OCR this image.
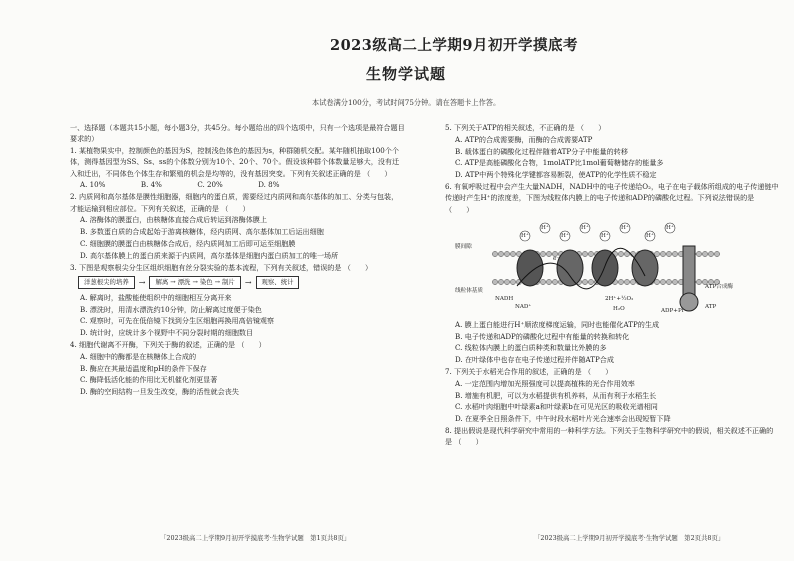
2023级高二上学期9月初开学摸底考
生物学试题
本试卷满分100分，考试时间75分钟。请在答题卡上作答。
一、选择题（本题共15小题，每小题3分，共45分。每小题给出的四个选项中，只有一个选项是最符合题目要求的）
1. 某植物果实中，控制颜色的基因为S，控制浅色体色的基因为s，种群随机交配。某年随机抽取100个个体，测得基因型为SS、Ss、ss的个体数分别为10个、20个、70个。假设该种群个体数量足够大，没有迁入和迁出，不同体色个体生存和繁殖的机会是均等的，没有基因突变。下列有关叙述正确的是 （　　）
A. 10%　　　　　B. 4%　　　　　C. 20%　　　　　D. 8%
2. 内质网和高尔基体是膜性细胞器，细胞内的蛋白质，需要经过内质网和高尔基体的加工、分类与包装，才能运输到相应部位。下列有关叙述，正确的是 （　　）
A. 溶酶体的膜蛋白，由核糖体直接合成后转运到溶酶体膜上
B. 多数蛋白质的合成起始于游离核糖体，经内质网、高尔基体加工后运出细胞
C. 细胞膜的膜蛋白由核糖体合成后，经内质网加工后即可运至细胞膜
D. 高尔基体膜上的蛋白质来源于内质网，高尔基体是细胞内蛋白质加工的唯一场所
3. 下图是观察根尖分生区组织细胞有丝分裂实验的基本流程，下列有关叙述，错误的是 （　　）
洋葱根尖的培养	→	解离 → 漂洗 → 染色 → 制片	→	观察、统计
A. 解离时，盐酸能使组织中的细胞相互分离开来
B. 漂洗时，用清水漂洗约10分钟，防止解离过度便于染色
C. 观察时，可先在低倍镜下找到分生区细胞再换用高倍镜观察
D. 统计时，应统计多个视野中不同分裂时期的细胞数目
4. 细胞代谢离不开酶，下列关于酶的叙述，正确的是 （　　）
A. 细胞中的酶都是在核糖体上合成的
B. 酶应在其最适温度和pH的条件下保存
C. 酶降低活化能的作用比无机催化剂更显著
D. 酶的空间结构一旦发生改变，酶的活性就会丧失
5. 下列关于ATP的相关叙述，不正确的是 （　　）
A. ATP的合成需要酶，而酶的合成需要ATP
B. 载体蛋白的磷酸化过程伴随着ATP分子中能量的转移
C. ATP是高能磷酸化合物，1molATP比1mol葡萄糖储存的能量多
D. ATP中两个特殊化学键都容易断裂，使ATP的化学性质不稳定
6. 有氧呼吸过程中会产生大量NADH，NADH中的电子传递给O₂，电子在电子载体所组成的电子传递链中传递时产生H⁺的浓度差，下图为线粒体内膜上的电子传递和ADP的磷酸化过程。下列说法错误的是 （　　）
H⁺
H⁺
H⁺
H⁺
H⁺
H⁺
H⁺
H⁺
膜间隙
线粒体基质
NADH
NAD⁺
2H⁺+½O₂
H₂O	ADP+Pi
ATP
ATP合成酶
e⁻
A. 膜上蛋白能进行H⁺顺浓度梯度运输，同时也能催化ATP的生成
B. 电子传递和ADP的磷酸化过程中有能量的转换和转化
C. 线粒体内膜上的蛋白质种类和数量比外膜的多
D. 在叶绿体中也存在电子传递过程并伴随ATP合成
7. 下列关于水稻光合作用的叙述，正确的是 （　　）
A. 一定范围内增加光照强度可以提高植株的光合作用效率
B. 增施有机肥，可以为水稻提供有机养料，从而有利于水稻生长
C. 水稻叶肉细胞中叶绿素a和叶绿素b在可见光区的吸收光谱相同
D. 在夏季全日照条件下，中午时段水稻叶片光合速率会出现短暂下降
8. 提出假说是现代科学研究中常用的一种科学方法。下列关于生物科学研究中的假说，相关叙述不正确的是 （　　）
「2023级高二上学期9月初开学摸底考·生物学试题　第1页共8页」	「2023级高二上学期9月初开学摸底考·生物学试题　第2页共8页」
